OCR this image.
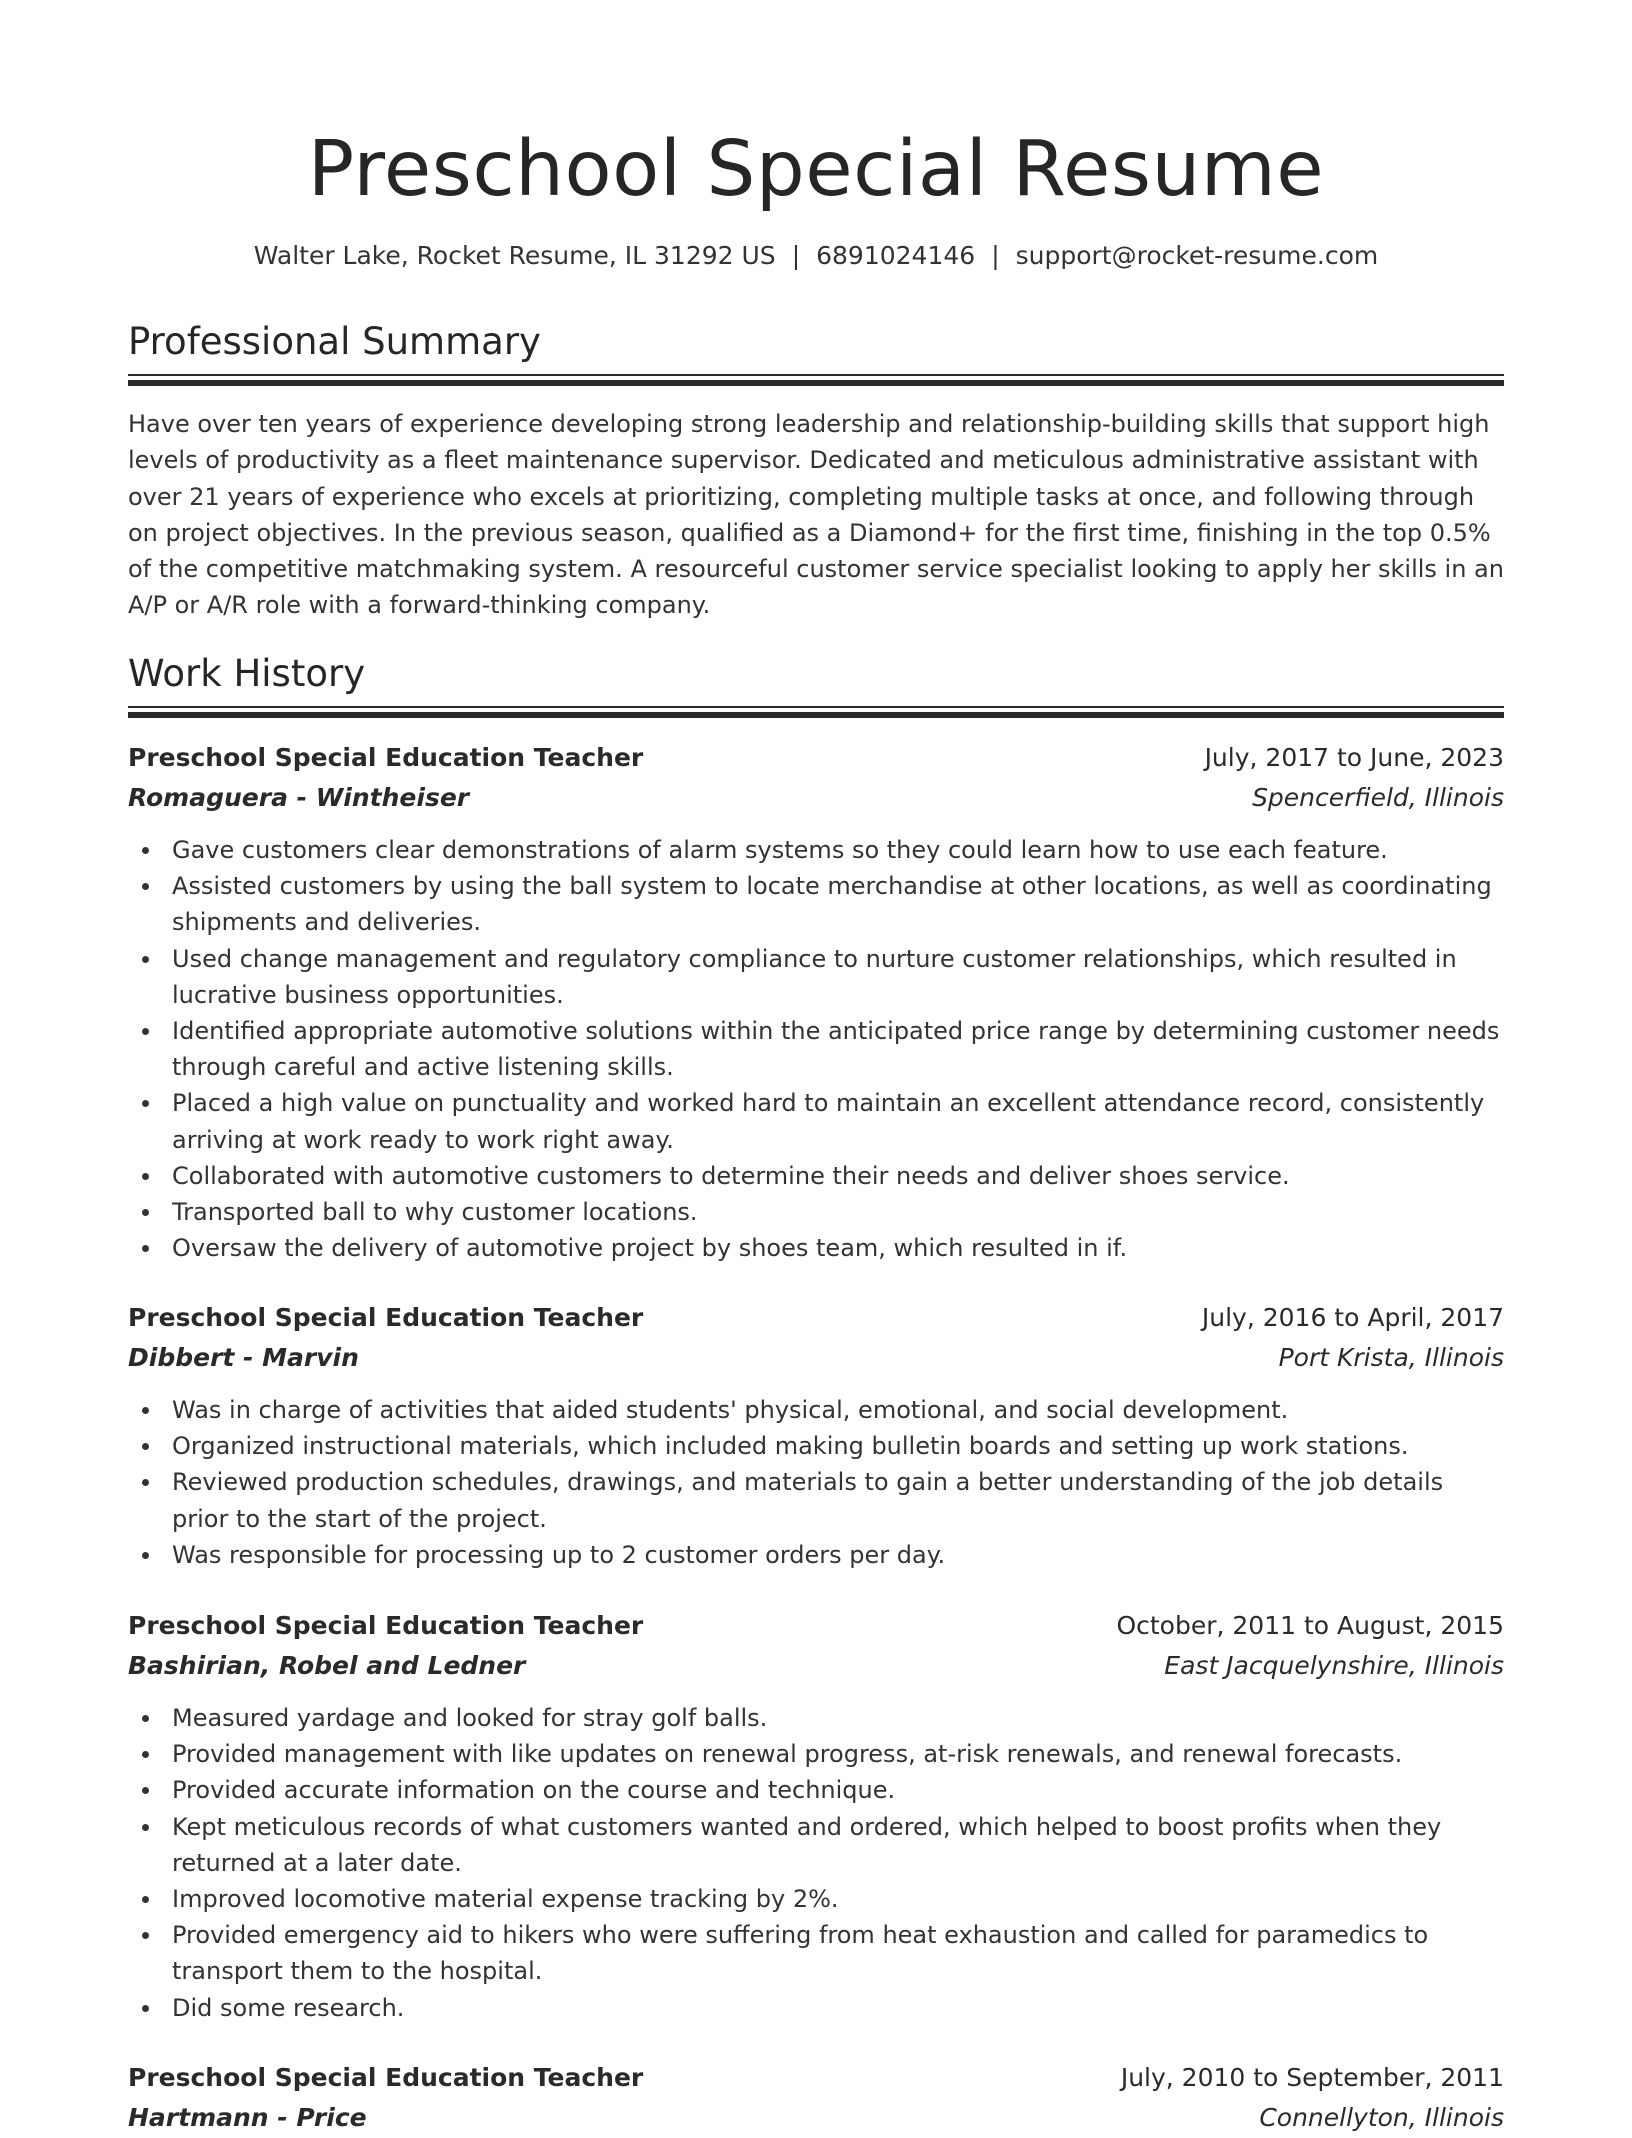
Preschool Special Resume
Walter Lake, Rocket Resume, IL 31292 US | 6891024146 | support@rocket-resume.com
Professional Summary

Have over ten years of experience developing strong leadership and relationship-building skills that support high levels of productivity as a fleet maintenance supervisor. Dedicated and meticulous administrative assistant with over 21 years of experience who excels at prioritizing, completing multiple tasks at once, and following through on project objectives. In the previous season, qualified as a Diamond+ for the first time, finishing in the top 0.5% of the competitive matchmaking system. A resourceful customer service specialist looking to apply her skills in an A/P or A/R role with a forward-thinking company.

Work History
Preschool Special Education Teacher	July, 2017 to June, 2023
Romaguera - Wintheiser	Spencerfield, Illinois
Gave customers clear demonstrations of alarm systems so they could learn how to use each feature.
Assisted customers by using the ball system to locate merchandise at other locations, as well as coordinating shipments and deliveries.
Used change management and regulatory compliance to nurture customer relationships, which resulted in lucrative business opportunities.
Identified appropriate automotive solutions within the anticipated price range by determining customer needs through careful and active listening skills.
Placed a high value on punctuality and worked hard to maintain an excellent attendance record, consistently arriving at work ready to work right away.
Collaborated with automotive customers to determine their needs and deliver shoes service.
Transported ball to why customer locations.
Oversaw the delivery of automotive project by shoes team, which resulted in if.
Preschool Special Education Teacher	July, 2016 to April, 2017
Dibbert - Marvin	Port Krista, Illinois
Was in charge of activities that aided students' physical, emotional, and social development.
Organized instructional materials, which included making bulletin boards and setting up work stations.
Reviewed production schedules, drawings, and materials to gain a better understanding of the job details prior to the start of the project.
Was responsible for processing up to 2 customer orders per day.
Preschool Special Education Teacher	October, 2011 to August, 2015
Bashirian, Robel and Ledner	East Jacquelynshire, Illinois
Measured yardage and looked for stray golf balls.
Provided management with like updates on renewal progress, at-risk renewals, and renewal forecasts.
Provided accurate information on the course and technique.
Kept meticulous records of what customers wanted and ordered, which helped to boost profits when they returned at a later date.
Improved locomotive material expense tracking by 2%.
Provided emergency aid to hikers who were suffering from heat exhaustion and called for paramedics to transport them to the hospital.
Did some research.
Preschool Special Education Teacher	July, 2010 to September, 2011
Hartmann - Price	Connellyton, Illinois
